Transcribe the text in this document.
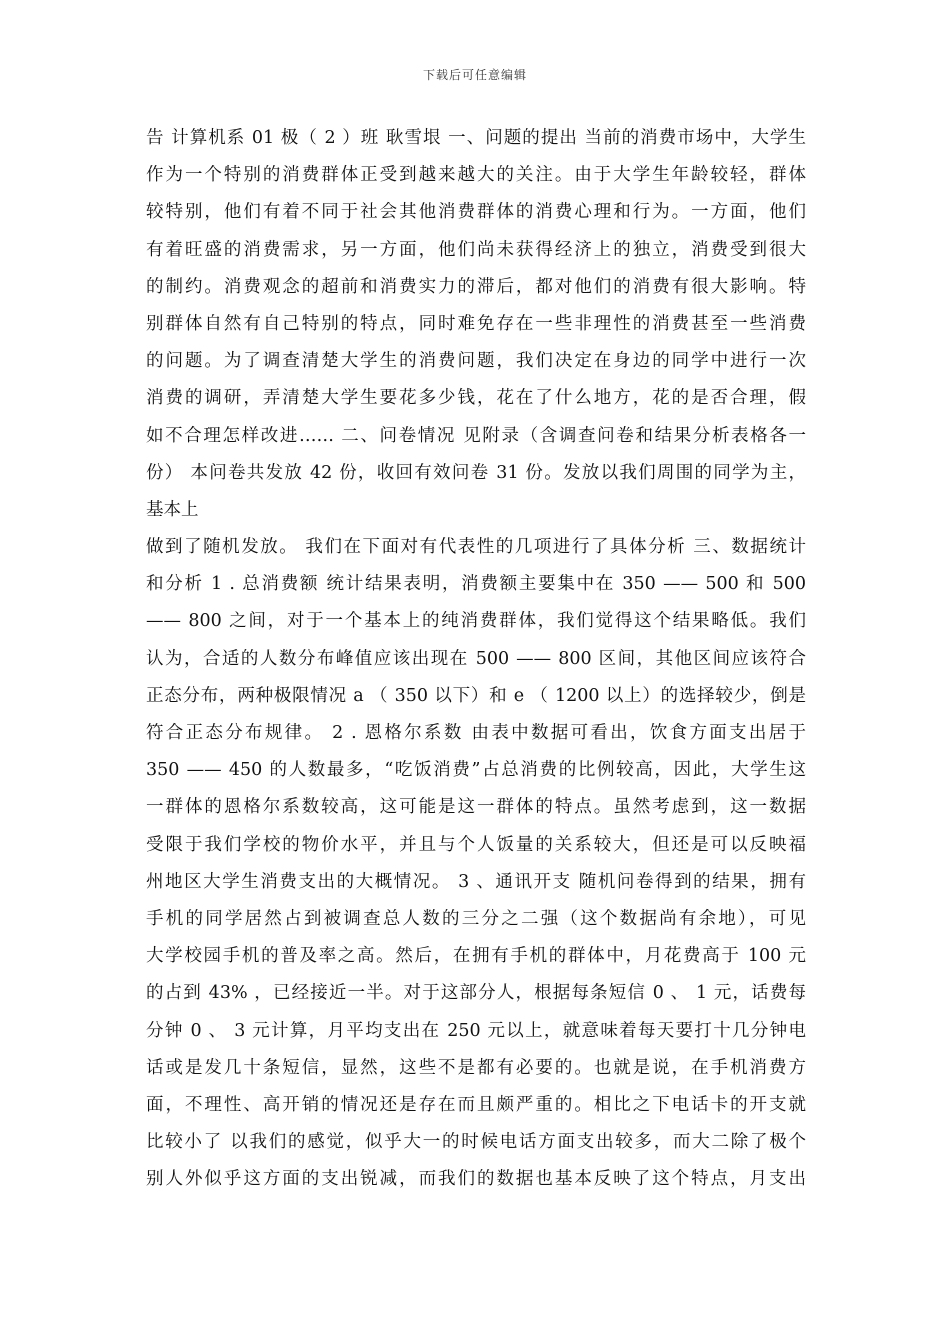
下载后可任意编辑
告 计算机系 01 极（ 2 ）班 耿雪垠 一、问题的提出 当前的消费市场中，大学生
作为一个特别的消费群体正受到越来越大的关注。由于大学生年龄较轻，群体
较特别，他们有着不同于社会其他消费群体的消费心理和行为。一方面，他们
有着旺盛的消费需求，另一方面，他们尚未获得经济上的独立，消费受到很大
的制约。消费观念的超前和消费实力的滞后，都对他们的消费有很大影响。特
别群体自然有自己特别的特点，同时难免存在一些非理性的消费甚至一些消费
的问题。为了调查清楚大学生的消费问题，我们决定在身边的同学中进行一次
消费的调研，弄清楚大学生要花多少钱，花在了什么地方，花的是否合理，假
如不合理怎样改进…… 二、问卷情况 见附录（含调查问卷和结果分析表格各一
份） 本问卷共发放 42 份，收回有效问卷 31 份。发放以我们周围的同学为主，
基本上
做到了随机发放。 我们在下面对有代表性的几项进行了具体分析 三、数据统计
和分析 1 . 总消费额 统计结果表明，消费额主要集中在 350 —— 500 和 500
—— 800 之间，对于一个基本上的纯消费群体，我们觉得这个结果略低。我们
认为，合适的人数分布峰值应该出现在 500 —— 800 区间，其他区间应该符合
正态分布，两种极限情况 a （ 350 以下）和 e （ 1200 以上）的选择较少，倒是
符合正态分布规律。 2 . 恩格尔系数 由表中数据可看出，饮食方面支出居于
350 —— 450 的人数最多，“吃饭消费”占总消费的比例较高，因此，大学生这
一群体的恩格尔系数较高，这可能是这一群体的特点。虽然考虑到，这一数据
受限于我们学校的物价水平，并且与个人饭量的关系较大，但还是可以反映福
州地区大学生消费支出的大概情况。 3 、通讯开支 随机问卷得到的结果，拥有
手机的同学居然占到被调查总人数的三分之二强（这个数据尚有余地），可见
大学校园手机的普及率之高。然后，在拥有手机的群体中，月花费高于 100 元
的占到 43% ，已经接近一半。对于这部分人，根据每条短信 0 、 1 元，话费每
分钟 0 、 3 元计算，月平均支出在 250 元以上，就意味着每天要打十几分钟电
话或是发几十条短信，显然，这些不是都有必要的。也就是说，在手机消费方
面，不理性、高开销的情况还是存在而且颇严重的。相比之下电话卡的开支就
比较小了 以我们的感觉，似乎大一的时候电话方面支出较多，而大二除了极个
别人外似乎这方面的支出锐减，而我们的数据也基本反映了这个特点，月支出
